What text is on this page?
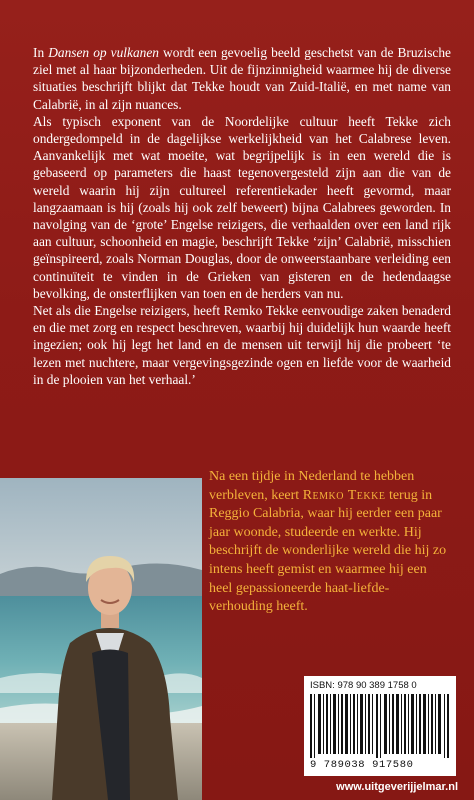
In Dansen op vulkanen wordt een gevoelig beeld geschetst van de Bruzische ziel met al haar bijzonderheden. Uit de fijnzinnigheid waarmee hij de diverse situaties beschrijft blijkt dat Tekke houdt van Zuid-Italië, en met name van Calabrië, in al zijn nuances.

Als typisch exponent van de Noordelijke cultuur heeft Tekke zich ondergedompeld in de dagelijkse werkelijkheid van het Calabrese leven. Aanvankelijk met wat moeite, wat begrijpelijk is in een wereld die is gebaseerd op parameters die haast tegenovergesteld zijn aan die van de wereld waarin hij zijn cultureel referentiekader heeft gevormd, maar langzaamaan is hij (zoals hij ook zelf beweert) bijna Calabrees geworden. In navolging van de ‘grote’ Engelse reizigers, die verhaalden over een land rijk aan cultuur, schoonheid en magie, beschrijft Tekke ‘zijn’ Calabrië, misschien geïnspireerd, zoals Norman Douglas, door de onweerstaanbare verleiding een continuïteit te vinden in de Grieken van gisteren en de hedendaagse bevolking, de onsterflijken van toen en de herders van nu.

Net als die Engelse reizigers, heeft Remko Tekke eenvoudige zaken benaderd en die met zorg en respect beschreven, waarbij hij duidelijk hun waarde heeft ingezien; ook hij legt het land en de mensen uit terwijl hij die probeert ‘te lezen met nuchtere, maar vergevingsgezinde ogen en liefde voor de waarheid in de plooien van het verhaal.’

Na een tijdje in Nederland te hebben verbleven, keert Remko Tekke terug in Reggio Calabria, waar hij eerder een paar jaar woonde, studeerde en werkte. Hij beschrijft de wonderlijke wereld die hij zo intens heeft gemist en waarmee hij een heel gepassioneerde haat-liefde-verhouding heeft.
ISBN: 978 90 389 1758 0
9 789038 917580
www.uitgeverijjelmar.nl
